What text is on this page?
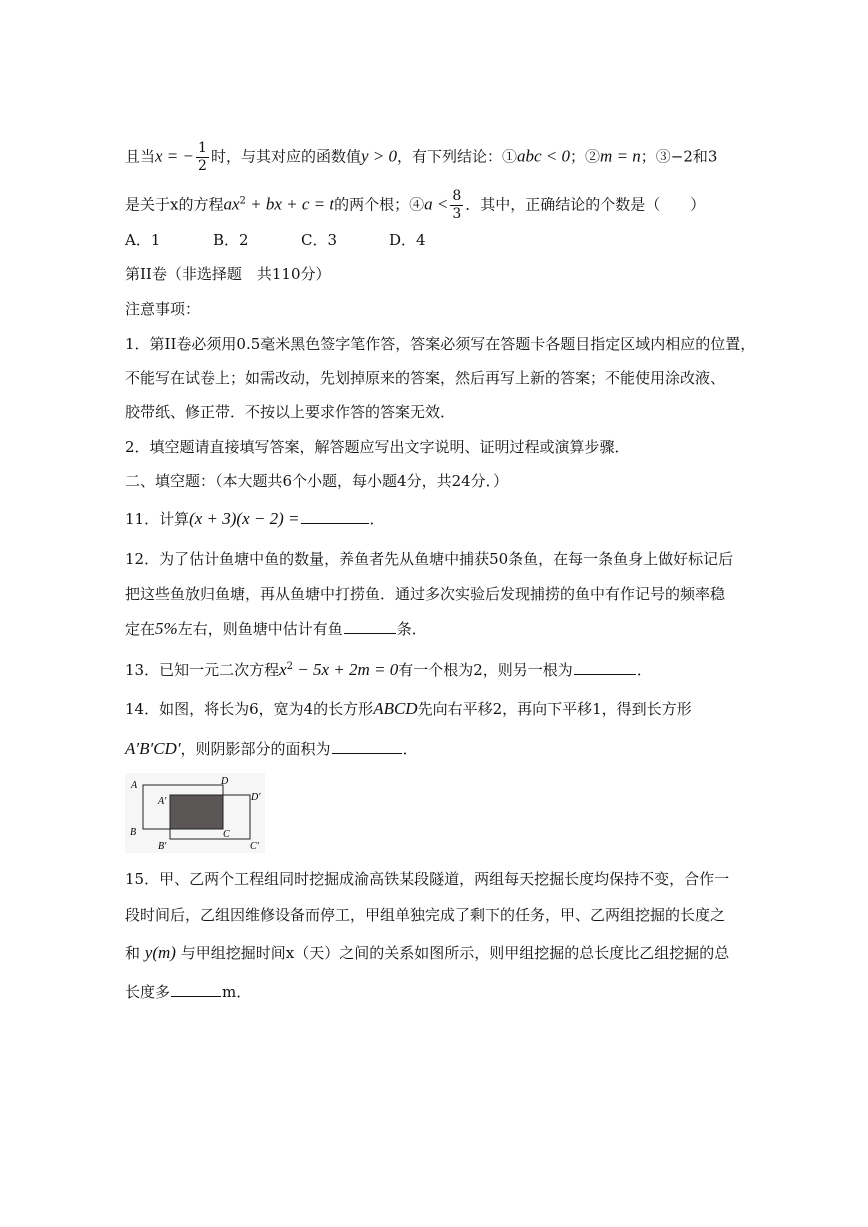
且当x = − $\frac{1}{2}$ 时，与其对应的函数值y > 0，有下列结论：①abc < 0；②m = n；③−2和3
是关于x的方程$ax^2$ + bx + c = t的两个根；④a < $\frac{8}{3}$ ．其中，正确结论的个数是（　　）
A．1	B．2	C．3	D．4
第II卷（非选择题　共110分）
注意事项：
1．第II卷必须用0.5毫米黑色签字笔作答，答案必须写在答题卡各题目指定区域内相应的位置，
不能写在试卷上；如需改动，先划掉原来的答案，然后再写上新的答案；不能使用涂改液、
胶带纸、修正带．不按以上要求作答的答案无效．
2．填空题请直接填写答案，解答题应写出文字说明、证明过程或演算步骤．
二、填空题：（本大题共6个小题，每小题4分，共24分．）
11．计算(x + 3)(x − 2) =	．
12．为了估计鱼塘中鱼的数量，养鱼者先从鱼塘中捕获50条鱼，在每一条鱼身上做好标记后
把这些鱼放归鱼塘，再从鱼塘中打捞鱼．通过多次实验后发现捕捞的鱼中有作记号的频率稳
定在5%左右，则鱼塘中估计有鱼	条．
13．已知一元二次方程$x^2 - 5x + 2m = 0$有一个根为2，则另一根为	．
14．如图，将长为6，宽为4的长方形ABCD先向右平移2，再向下平移1，得到长方形
A′B′CD′，则阴影部分的面积为	．
A
B
D
C
A′
B′	C′
D′
15．甲、乙两个工程组同时挖掘成渝高铁某段隧道，两组每天挖掘长度均保持不变，合作一
段时间后，乙组因维修设备而停工，甲组单独完成了剩下的任务，甲、乙两组挖掘的长度之
和 y(m) 与甲组挖掘时间x（天）之间的关系如图所示，则甲组挖掘的总长度比乙组挖掘的总
长度多	m．
